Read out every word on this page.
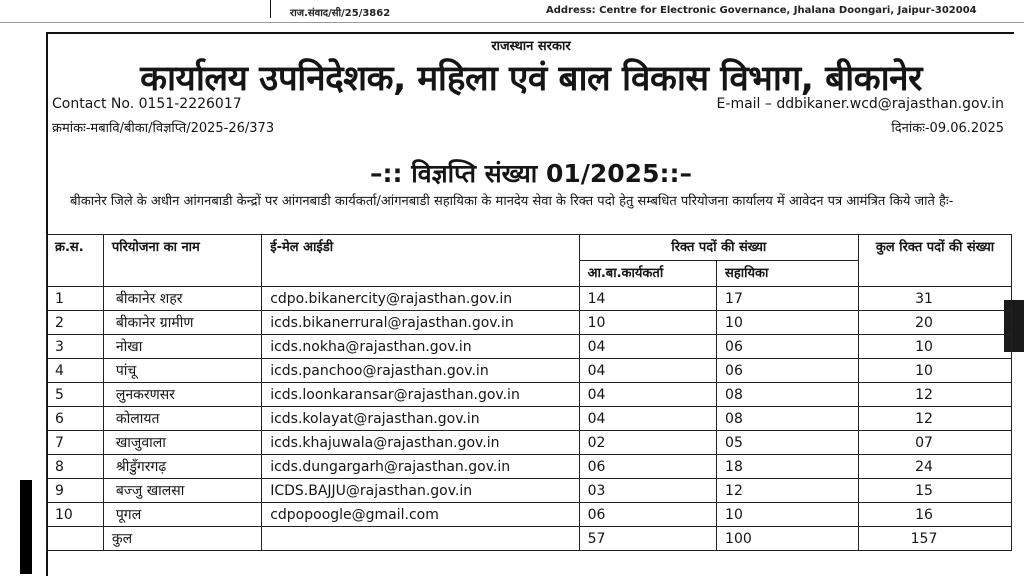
राज.संवाद/सी/25/3862	Address: Centre for Electronic Governance, Jhalana Doongari, Jaipur-302004
राजस्थान सरकार
कार्यालय उपनिदेशक, महिला एवं बाल विकास विभाग, बीकानेर
Contact No. 0151-2226017	E-mail – ddbikaner.wcd@rajasthan.gov.in
क्रमांकः-मबावि/बीका/विज्ञप्ति/2025-26/373	दिनांकः-09.06.2025
–:: विज्ञप्ति संख्या 01/2025::–
बीकानेर जिले के अधीन आंगनबाडी केन्द्रों पर आंगनबाडी कार्यकर्ता/आंगनबाडी सहायिका के मानदेय सेवा के रिक्त पदो हेतु सम्बधित परियोजना कार्यालय में आवेदन पत्र आमंत्रित किये जाते हैः-
क्र.स.	परियोजना का नाम	ई-मेल आईडी	रिक्त पदों की संख्या		कुल रिक्त पदों की संख्या
			आ.बा.कार्यकर्ता	सहायिका	
1	बीकानेर शहर	cdpo.bikanercity@rajasthan.gov.in	14	17	31
2	बीकानेर ग्रामीण	icds.bikanerrural@rajasthan.gov.in	10	10	20
3	नोखा	icds.nokha@rajasthan.gov.in	04	06	10
4	पांचू	icds.panchoo@rajasthan.gov.in	04	06	10
5	लुनकरणसर	icds.loonkaransar@rajasthan.gov.in	04	08	12
6	कोलायत	icds.kolayat@rajasthan.gov.in	04	08	12
7	खाजुवाला	icds.khajuwala@rajasthan.gov.in	02	05	07
8	श्रीडुँगरगढ़	icds.dungargarh@rajasthan.gov.in	06	18	24
9	बज्जु खालसा	ICDS.BAJJU@rajasthan.gov.in	03	12	15
10	पूगल	cdpopoogle@gmail.com	06	10	16
	कुल		57	100	157
